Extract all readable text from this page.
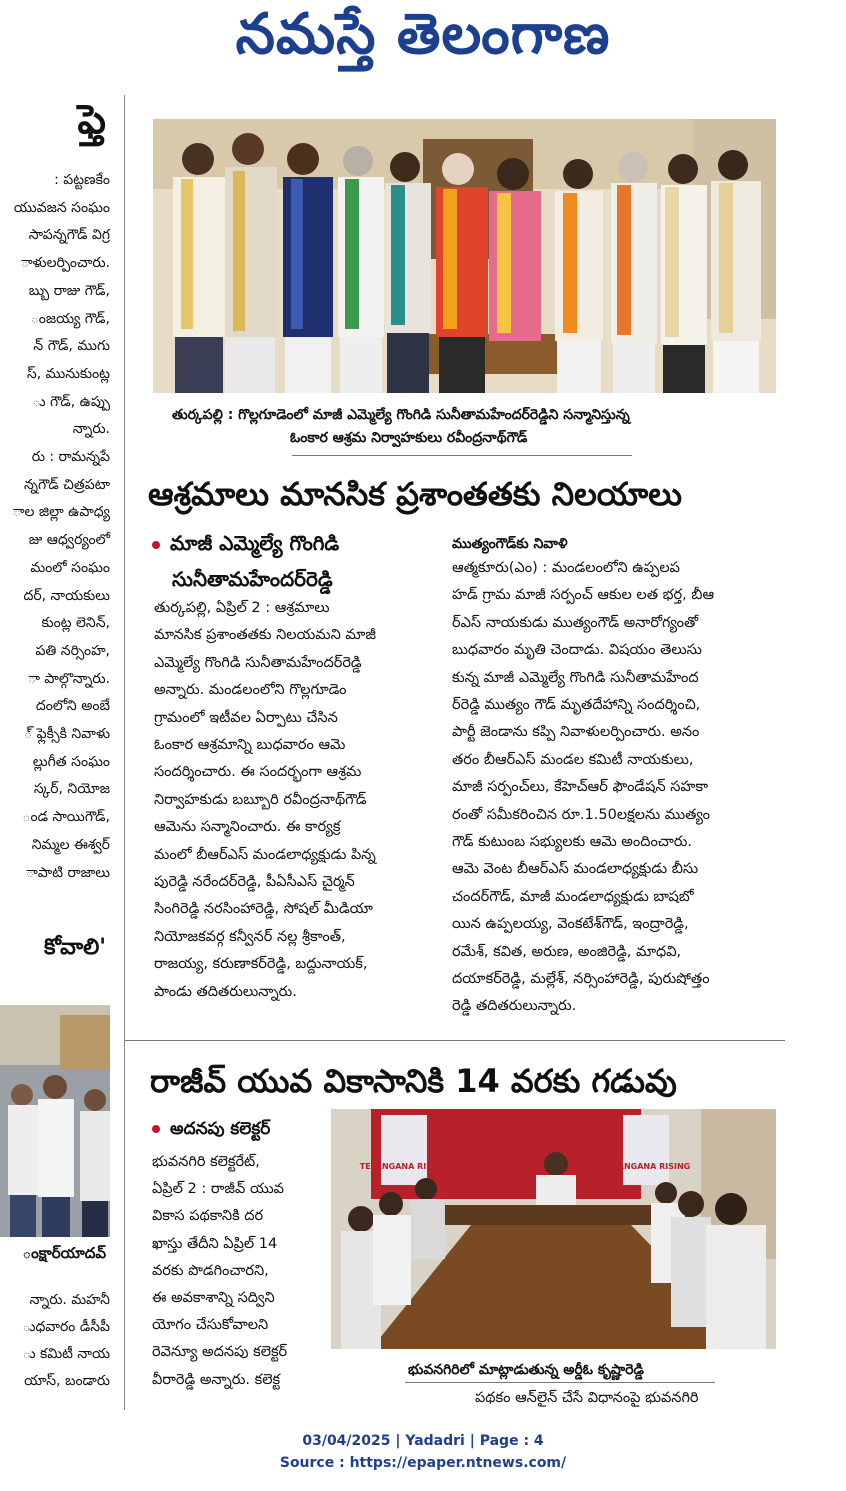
నమస్తే తెలంగాణ
ఫ్తె
: పట్టణకేం
యువజన సంఘం
సాపన్నగౌడ్ విగ్ర
ాళులర్పించారు.
బ్బు రాజు గౌడ్,
ంజయ్య గౌడ్,
న్ గౌడ్, ముగు
స్, మునుకుంట్ల
ు గౌడ్, ఉప్పు
న్నారు.
రు : రామన్నపే
న్నగౌడ్ చిత్రపటా
ాల జిల్లా ఉపాధ్య
జు ఆధ్వర్యంలో
మంలో సంఘం
దర్, నాయకులు
కుంట్ల లెనిన్,
పతి నర్సింహ,
ా పాల్గొన్నారు.
దంలోని అంబే
్ ఫ్లెక్సీకి నివాళు
ల్లుగీత సంఘం
స్కర్, నియోజ
ండ సాయిగౌడ్,
నిమ్మల ఈశ్వర్
ాపాటి రాజాలు
కోవాలి'
ంక్షార్‌యాదవ్
న్నారు. మహనీ
ుధవారం డీసీపీ
ు కమిటీ నాయ
యాస్, బండారు
తుర్కపల్లి : గొల్లగూడెంలో మాజీ ఎమ్మెల్యే గొంగిడి సునీతామహేందర్‌రెడ్డిని సన్మానిస్తున్న
ఓంకార ఆశ్రమ నిర్వాహకులు రవీంద్రనాథ్‌గౌడ్
ఆశ్రమాలు మానసిక ప్రశాంతతకు నిలయాలు
మాజీ ఎమ్మెల్యే గొంగిడి
సునీతామహేందర్‌రెడ్డి
తుర్కపల్లి, ఏప్రిల్ 2 : ఆశ్రమాలు
మానసిక ప్రశాంతతకు నిలయమని మాజీ
ఎమ్మెల్యే గొంగిడి సునీతామహేందర్‌రెడ్డి
అన్నారు. మండలంలోని గొల్లగూడెం
గ్రామంలో ఇటీవల ఏర్పాటు చేసిన
ఓంకార ఆశ్రమాన్ని బుధవారం ఆమె
సందర్శించారు. ఈ సందర్భంగా ఆశ్రమ
నిర్వాహకుడు బబ్బూరి రవీంద్రనాథ్‌గౌడ్
ఆమెను సన్మానించారు. ఈ కార్యక్ర
మంలో బీఆర్‌ఎస్ మండలాధ్యక్షుడు పిన్న
పురెడ్డి నరేందర్‌రెడ్డి, పీఏసీఎస్ చైర్మన్
సింగిరెడ్డి నరసింహారెడ్డి, సోషల్ మీడియా
నియోజకవర్గ కన్వీనర్ నల్ల శ్రీకాంత్,
రాజయ్య, కరుణాకర్‌రెడ్డి, బద్దునాయక్,
పాండు తదితరులున్నారు.
ముత్యంగౌడ్‌కు నివాళి
ఆత్మకూరు(ఎం) : మండలంలోని ఉప్పలప
హడ్ గ్రామ మాజీ సర్పంచ్ ఆకుల లత భర్త, బీఆ
ర్‌ఎస్ నాయకుడు ముత్యంగౌడ్ అనారోగ్యంతో
బుధవారం మృతి చెందాడు. విషయం తెలుసు
కున్న మాజీ ఎమ్మెల్యే గొంగిడి సునీతామహేంద
ర్‌రెడ్డి ముత్యం గౌడ్ మృతదేహాన్ని సందర్శించి,
పార్టీ జెండాను కప్పి నివాళులర్పించారు. అనం
తరం బీఆర్‌ఎస్ మండల కమిటీ నాయకులు,
మాజీ సర్పంచ్‌లు, కేహెచ్‌ఆర్ ఫౌండేషన్ సహకా
రంతో సమీకరించిన రూ.1.50లక్షలను ముత్యం
గౌడ్ కుటుంబ సభ్యులకు ఆమె అందించారు.
ఆమె వెంట బీఆర్‌ఎస్ మండలాధ్యక్షుడు బీసు
చందర్‌గౌడ్, మాజీ మండలాధ్యక్షుడు బాషబో
యిన ఉప్పలయ్య, వెంకటేశ్‌గౌడ్, ఇంద్రారెడ్డి,
రమేశ్, కవిత, అరుణ, అంజిరెడ్డి, మాధవి,
దయాకర్‌రెడ్డి, మల్లేశ్, నర్సింహారెడ్డి, పురుషోత్తం
రెడ్డి తదితరులున్నారు.
రాజీవ్ యువ వికాసానికి 14 వరకు గడువు
అదనపు కలెక్టర్
భువనగిరి కలెక్టరేట్,
ఏప్రిల్ 2 : రాజీవ్ యువ
వికాస పథకానికి దర
ఖాస్తు తేదీని ఏప్రిల్ 14
వరకు పొడగించారని,
ఈ అవకాశాన్ని సద్విని
యోగం చేసుకోవాలని
రెవెన్యూ అదనపు కలెక్టర్
వీరారెడ్డి అన్నారు. కలెక్ట
TELANGANA RISING	TELANGANA RISING
భువనగిరిలో మాట్లాడుతున్న అర్డీఓ కృష్ణారెడ్డి
పథకం ఆన్‌లైన్ చేసే విధానంపై భువనగిరి
03/04/2025 | Yadadri | Page : 4
Source : https://epaper.ntnews.com/
